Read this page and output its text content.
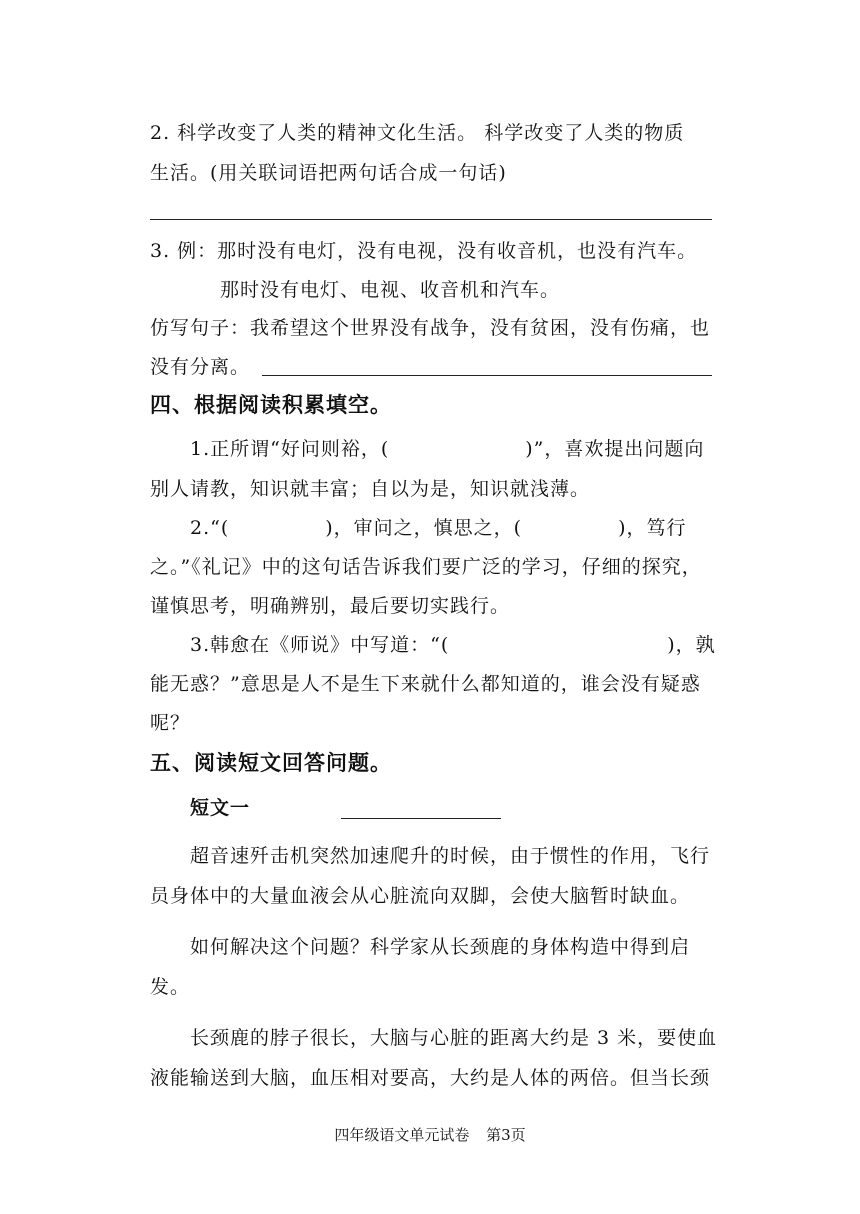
2. 科学改变了人类的精神文化生活。 科学改变了人类的物质
生活。(用关联词语把两句话合成一句话)
3. 例：那时没有电灯，没有电视，没有收音机，也没有汽车。
那时没有电灯、电视、收音机和汽车。
仿写句子：我希望这个世界没有战争，没有贫困，没有伤痛，也
没有分离。
四、根据阅读积累填空。
1.正所谓“好问则裕，(	)”，喜欢提出问题向
别人请教，知识就丰富；自以为是，知识就浅薄。
2.“(	)，审问之，慎思之，(	)，笃行
之。”《礼记》中的这句话告诉我们要广泛的学习，仔细的探究，
谨慎思考，明确辨别，最后要切实践行。
3.韩愈在《师说》中写道：“(	)，孰
能无惑？”意思是人不是生下来就什么都知道的，谁会没有疑惑
呢？
五、阅读短文回答问题。
短文一
超音速歼击机突然加速爬升的时候，由于惯性的作用，飞行
员身体中的大量血液会从心脏流向双脚，会使大脑暂时缺血。
如何解决这个问题？科学家从长颈鹿的身体构造中得到启
发。
长颈鹿的脖子很长，大脑与心脏的距离大约是 3 米，要使血
液能输送到大脑，血压相对要高，大约是人体的两倍。但当长颈
四年级语文单元试卷 第3页
